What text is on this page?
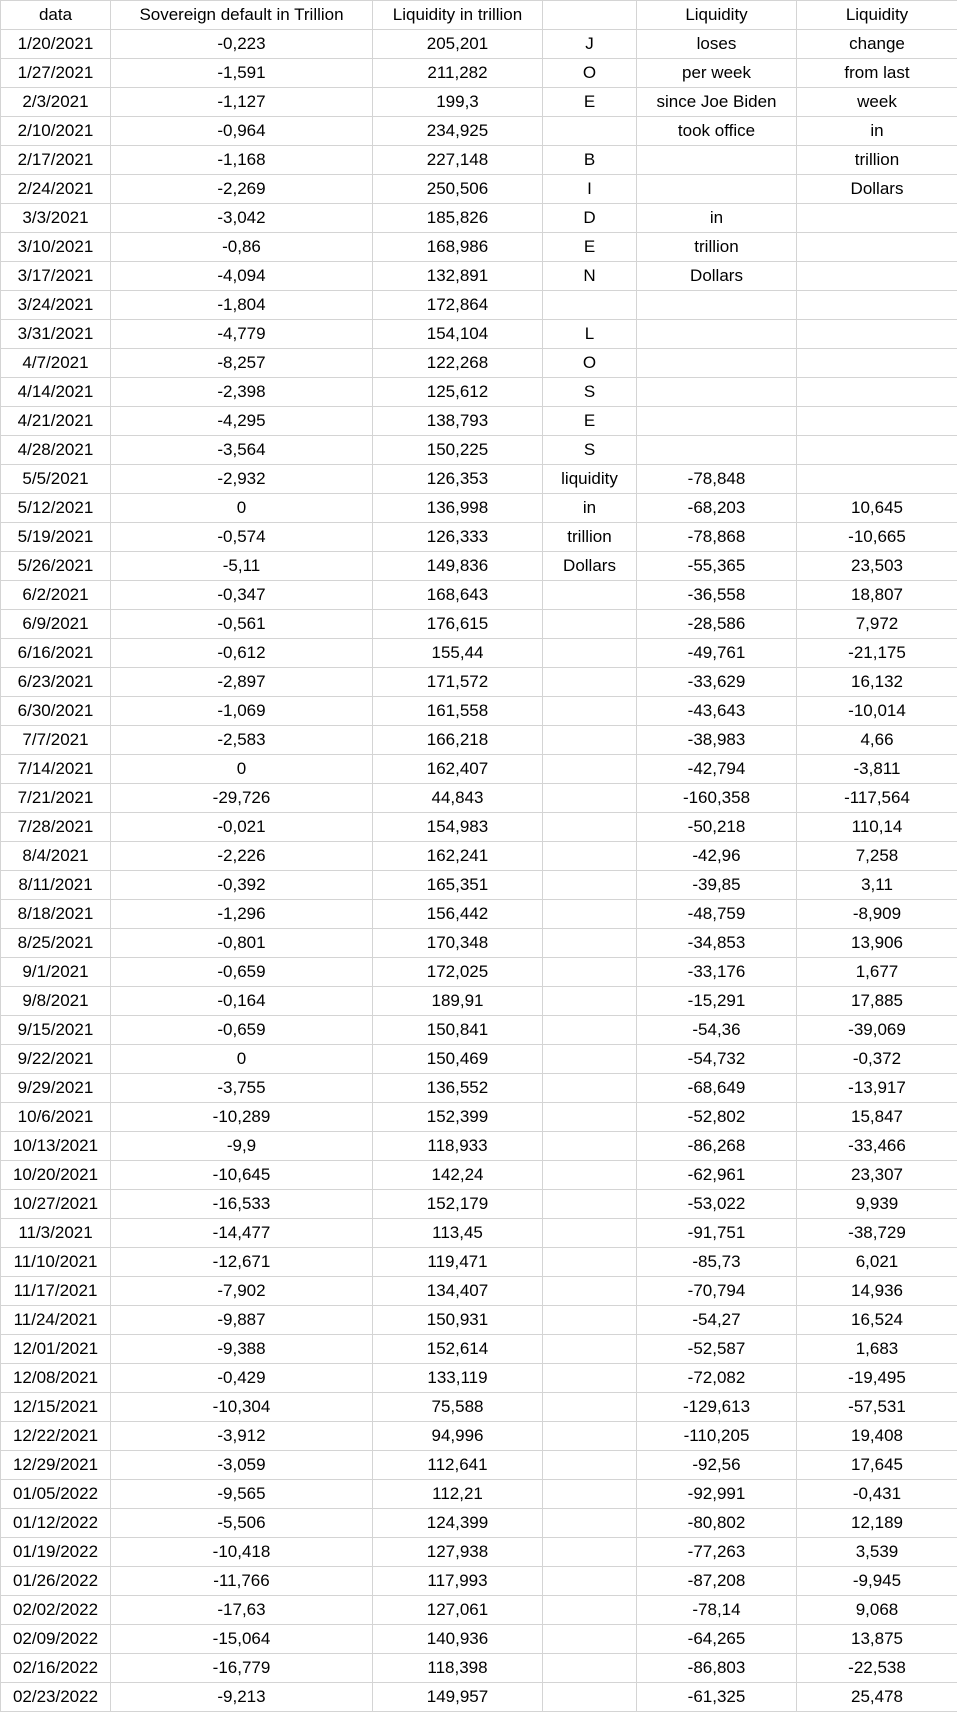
data	Sovereign default in Trillion	Liquidity in trillion		Liquidity	Liquidity
1/20/2021	-0,223	205,201	J	loses	change
1/27/2021	-1,591	211,282	O	per week	from last
2/3/2021	-1,127	199,3	E	since Joe Biden	week
2/10/2021	-0,964	234,925		took office	in
2/17/2021	-1,168	227,148	B		trillion
2/24/2021	-2,269	250,506	I		Dollars
3/3/2021	-3,042	185,826	D	in	
3/10/2021	-0,86	168,986	E	trillion	
3/17/2021	-4,094	132,891	N	Dollars	
3/24/2021	-1,804	172,864			
3/31/2021	-4,779	154,104	L		
4/7/2021	-8,257	122,268	O		
4/14/2021	-2,398	125,612	S		
4/21/2021	-4,295	138,793	E		
4/28/2021	-3,564	150,225	S		
5/5/2021	-2,932	126,353	liquidity	-78,848	
5/12/2021	0	136,998	in	-68,203	10,645
5/19/2021	-0,574	126,333	trillion	-78,868	-10,665
5/26/2021	-5,11	149,836	Dollars	-55,365	23,503
6/2/2021	-0,347	168,643		-36,558	18,807
6/9/2021	-0,561	176,615		-28,586	7,972
6/16/2021	-0,612	155,44		-49,761	-21,175
6/23/2021	-2,897	171,572		-33,629	16,132
6/30/2021	-1,069	161,558		-43,643	-10,014
7/7/2021	-2,583	166,218		-38,983	4,66
7/14/2021	0	162,407		-42,794	-3,811
7/21/2021	-29,726	44,843		-160,358	-117,564
7/28/2021	-0,021	154,983		-50,218	110,14
8/4/2021	-2,226	162,241		-42,96	7,258
8/11/2021	-0,392	165,351		-39,85	3,11
8/18/2021	-1,296	156,442		-48,759	-8,909
8/25/2021	-0,801	170,348		-34,853	13,906
9/1/2021	-0,659	172,025		-33,176	1,677
9/8/2021	-0,164	189,91		-15,291	17,885
9/15/2021	-0,659	150,841		-54,36	-39,069
9/22/2021	0	150,469		-54,732	-0,372
9/29/2021	-3,755	136,552		-68,649	-13,917
10/6/2021	-10,289	152,399		-52,802	15,847
10/13/2021	-9,9	118,933		-86,268	-33,466
10/20/2021	-10,645	142,24		-62,961	23,307
10/27/2021	-16,533	152,179		-53,022	9,939
11/3/2021	-14,477	113,45		-91,751	-38,729
11/10/2021	-12,671	119,471		-85,73	6,021
11/17/2021	-7,902	134,407		-70,794	14,936
11/24/2021	-9,887	150,931		-54,27	16,524
12/01/2021	-9,388	152,614		-52,587	1,683
12/08/2021	-0,429	133,119		-72,082	-19,495
12/15/2021	-10,304	75,588		-129,613	-57,531
12/22/2021	-3,912	94,996		-110,205	19,408
12/29/2021	-3,059	112,641		-92,56	17,645
01/05/2022	-9,565	112,21		-92,991	-0,431
01/12/2022	-5,506	124,399		-80,802	12,189
01/19/2022	-10,418	127,938		-77,263	3,539
01/26/2022	-11,766	117,993		-87,208	-9,945
02/02/2022	-17,63	127,061		-78,14	9,068
02/09/2022	-15,064	140,936		-64,265	13,875
02/16/2022	-16,779	118,398		-86,803	-22,538
02/23/2022	-9,213	149,957		-61,325	25,478
